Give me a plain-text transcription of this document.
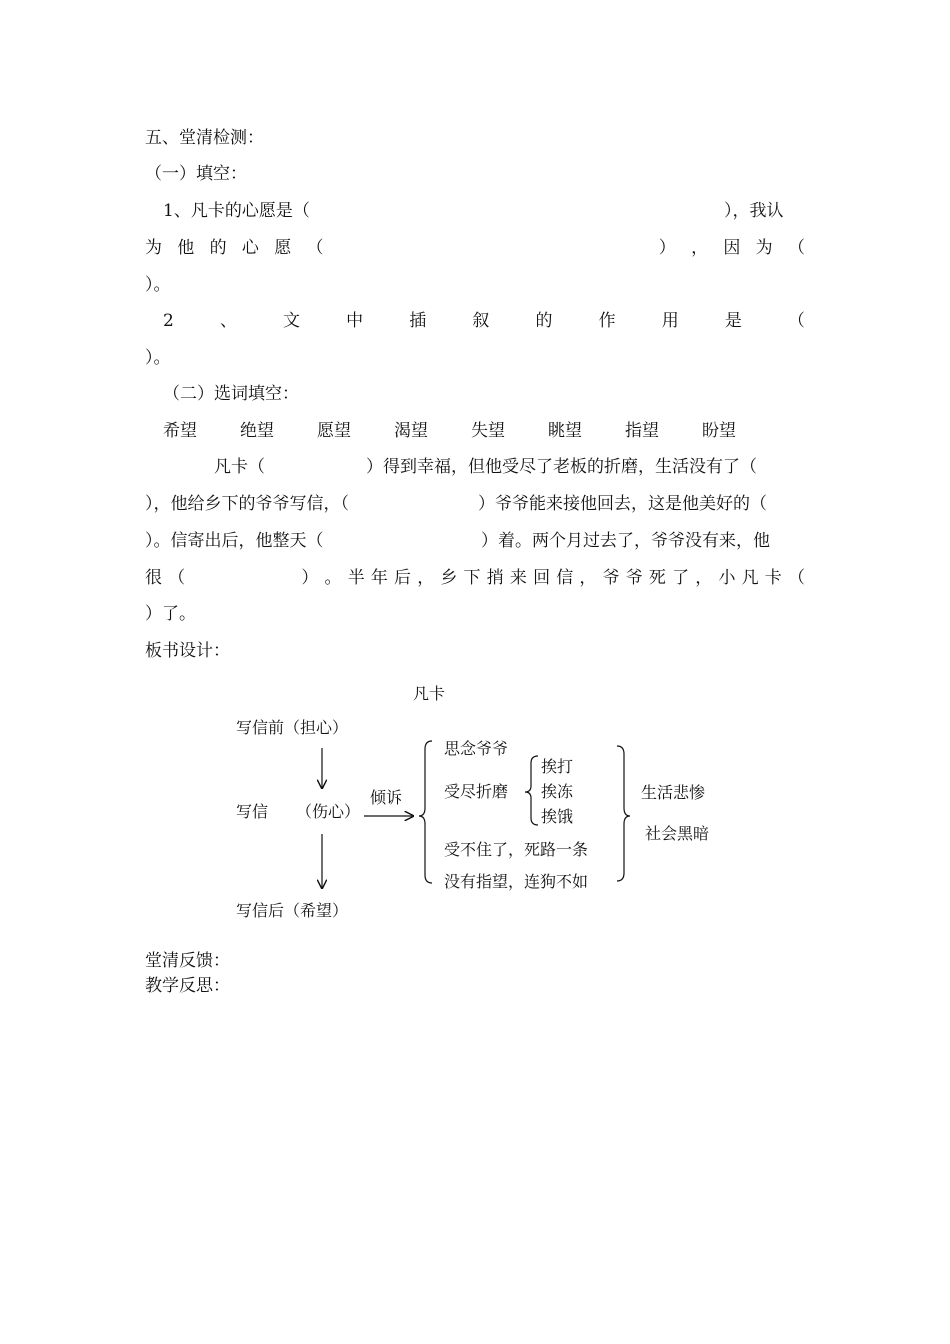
五、堂清检测：
（一）填空：
1、凡卡的心愿是（	），我认
为 他 的 心 愿 （	） ， 因 为 （
）。
2	、	文	中	插	叙	的	作	用	是	（
）。
（二）选词填空：
希望	绝望	愿望	渴望	失望	眺望	指望	盼望
凡卡（	）得到幸福，但他受尽了老板的折磨，生活没有了（
），他给乡下的爷爷写信，（	）爷爷能来接他回去，这是他美好的（
）。信寄出后，他整天（	）着。两个月过去了，爷爷没有来，他
很 （	） 。 半 年 后 ， 乡 下 捎 来 回 信 ， 爷 爷 死 了 ， 小 凡 卡 （
）了。
板书设计：
凡卡
写信前（担心）
写信 （伤心）
倾诉
写信后（希望）
思念爷爷
受尽折磨
挨打
挨冻
挨饿
受不住了，死路一条
没有指望，连狗不如
生活悲惨
社会黑暗
堂清反馈：
教学反思：
